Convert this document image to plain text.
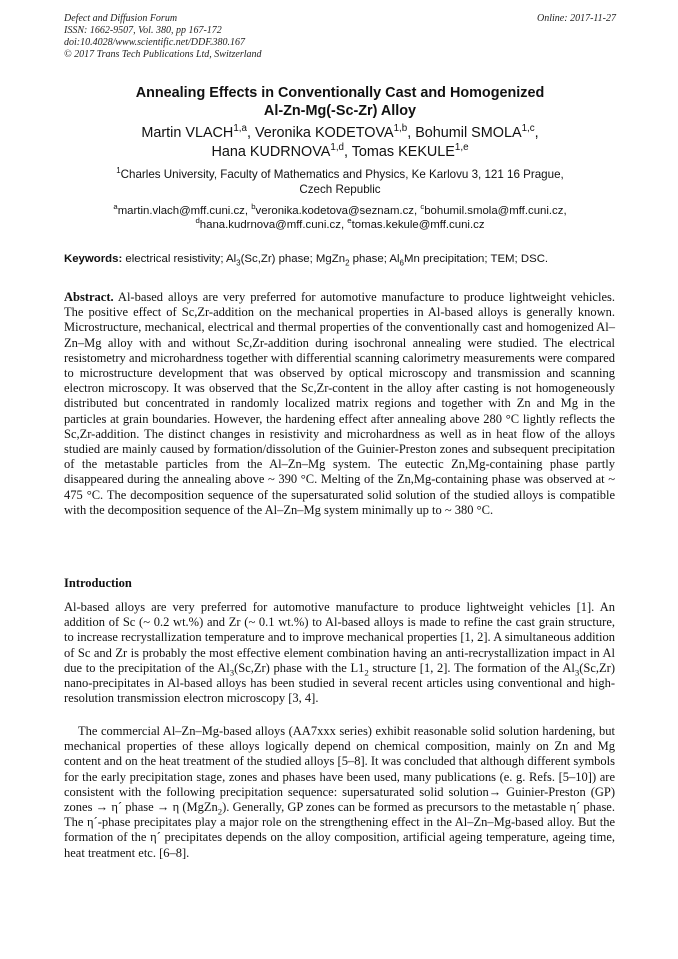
Defect and Diffusion Forum
ISSN: 1662-9507, Vol. 380, pp 167-172
doi:10.4028/www.scientific.net/DDF.380.167
© 2017 Trans Tech Publications Ltd, Switzerland
Online: 2017-11-27
Annealing Effects in Conventionally Cast and Homogenized
Al-Zn-Mg(-Sc-Zr) Alloy
Martin VLACH$^{1,a}$, Veronika KODETOVA$^{1,b}$, Bohumil SMOLA$^{1,c}$,
Hana KUDRNOVA$^{1,d}$, Tomas KEKULE$^{1,e}$
$^1$Charles University, Faculty of Mathematics and Physics, Ke Karlovu 3, 121 16 Prague,
Czech Republic
$^a$martin.vlach@mff.cuni.cz, $^b$veronika.kodetova@seznam.cz, $^c$bohumil.smola@mff.cuni.cz,
$^d$hana.kudrnova@mff.cuni.cz, $^e$tomas.kekule@mff.cuni.cz
Keywords: electrical resistivity; $Al_3(Sc,Zr)$ phase; MgZn$_2$ phase; $Al_6Mn$ precipitation; TEM; DSC.
Abstract. Al-based alloys are very preferred for automotive manufacture to produce lightweight vehicles. The positive effect of Sc,Zr-addition on the mechanical properties in Al-based alloys is generally known. Microstructure, mechanical, electrical and thermal properties of the conventionally cast and homogenized Al–Zn–Mg alloy with and without Sc,Zr-addition during isochronal annealing were studied. The electrical resistometry and microhardness together with differential scanning calorimetry measurements were compared to microstructure development that was observed by optical microscopy and transmission and scanning electron microscopy. It was observed that the Sc,Zr-content in the alloy after casting is not homogeneously distributed but concentrated in randomly localized matrix regions and together with Zn and Mg in the particles at grain boundaries. However, the hardening effect after annealing above 280 °C lightly reflects the Sc,Zr-addition. The distinct changes in resistivity and microhardness as well as in heat flow of the alloys studied are mainly caused by formation/dissolution of the Guinier-Preston zones and subsequent precipitation of the metastable particles from the Al–Zn–Mg system. The eutectic Zn,Mg-containing phase partly disappeared during the annealing above ~ 390 °C. Melting of the Zn,Mg-containing phase was observed at ~ 475 °C. The decomposition sequence of the supersaturated solid solution of the studied alloys is compatible with the decomposition sequence of the Al–Zn–Mg system minimally up to ~ 380 °C.
Introduction
Al-based alloys are very preferred for automotive manufacture to produce lightweight vehicles [1]. An addition of Sc (~ 0.2 wt.%) and Zr (~ 0.1 wt.%) to Al-based alloys is made to refine the cast grain structure, to increase recrystallization temperature and to improve mechanical properties [1, 2]. A simultaneous addition of Sc and Zr is probably the most effective element combination having an anti-recrystallization impact in Al due to the precipitation of the $Al_3(Sc,Zr)$ phase with the $L1_2$ structure [1, 2]. The formation of the $Al_3(Sc,Zr)$ nano-precipitates in Al-based alloys has been studied in several recent articles using conventional and high-resolution transmission electron microscopy [3, 4].
The commercial Al–Zn–Mg-based alloys (AA7xxx series) exhibit reasonable solid solution hardening, but mechanical properties of these alloys logically depend on chemical composition, mainly on Zn and Mg content and on the heat treatment of the studied alloys [5–8]. It was concluded that although different symbols for the early precipitation stage, zones and phases have been used, many publications (e. g. Refs. [5–10]) are consistent with the following precipitation sequence: supersaturated solid solution→ Guinier-Preston (GP) zones → η´ phase → η (MgZn$_2$). Generally, GP zones can be formed as precursors to the metastable η´ phase. The η´-phase precipitates play a major role on the strengthening effect in the Al–Zn–Mg-based alloy. But the formation of the η´ precipitates depends on the alloy composition, artificial ageing temperature, ageing time, heat treatment etc. [6–8].
